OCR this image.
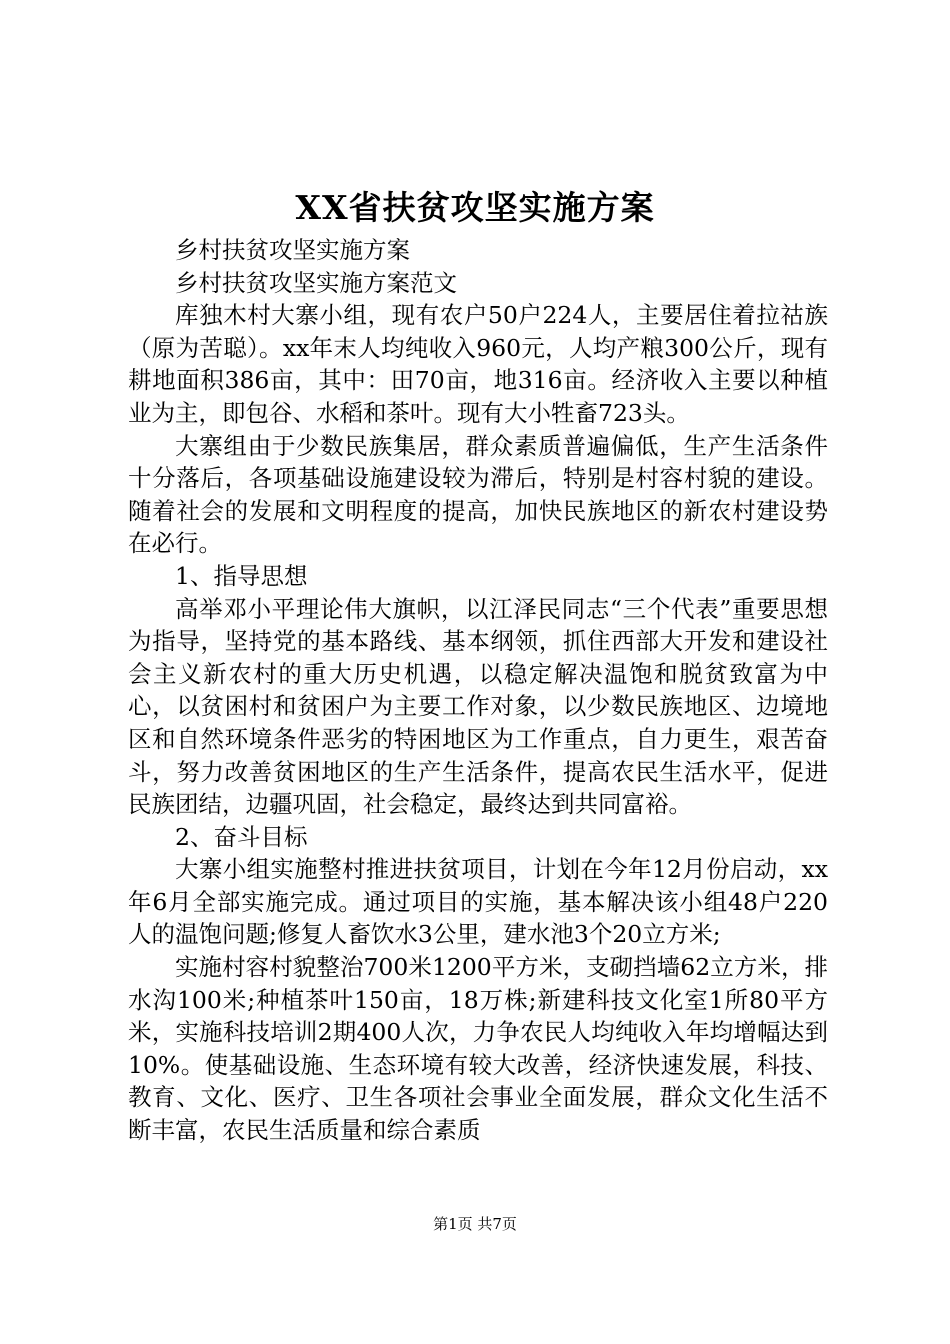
XX省扶贫攻坚实施方案

乡村扶贫攻坚实施方案

乡村扶贫攻坚实施方案范文

库独木村大寨小组，现有农户50户224人，主要居住着拉祜族（原为苦聪）。xx年末人均纯收入960元，人均产粮300公斤，现有耕地面积386亩，其中：田70亩，地316亩。经济收入主要以种植业为主，即包谷、水稻和茶叶。现有大小牲畜723头。

大寨组由于少数民族集居，群众素质普遍偏低，生产生活条件十分落后，各项基础设施建设较为滞后，特别是村容村貌的建设。随着社会的发展和文明程度的提高，加快民族地区的新农村建设势在必行。

1、指导思想

高举邓小平理论伟大旗帜，以江泽民同志“三个代表”重要思想为指导，坚持党的基本路线、基本纲领，抓住西部大开发和建设社会主义新农村的重大历史机遇，以稳定解决温饱和脱贫致富为中心，以贫困村和贫困户为主要工作对象，以少数民族地区、边境地区和自然环境条件恶劣的特困地区为工作重点，自力更生，艰苦奋斗，努力改善贫困地区的生产生活条件，提高农民生活水平，促进民族团结，边疆巩固，社会稳定，最终达到共同富裕。

2、奋斗目标

大寨小组实施整村推进扶贫项目，计划在今年12月份启动，xx年6月全部实施完成。通过项目的实施，基本解决该小组48户220人的温饱问题;修复人畜饮水3公里，建水池3个20立方米;

实施村容村貌整治700米1200平方米，支砌挡墙62立方米，排水沟100米;种植茶叶150亩，18万株;新建科技文化室1所80平方米，实施科技培训2期400人次，力争农民人均纯收入年均增幅达到10%。使基础设施、生态环境有较大改善，经济快速发展，科技、教育、文化、医疗、卫生各项社会事业全面发展，群众文化生活不断丰富，农民生活质量和综合素质

第1页 共7页
